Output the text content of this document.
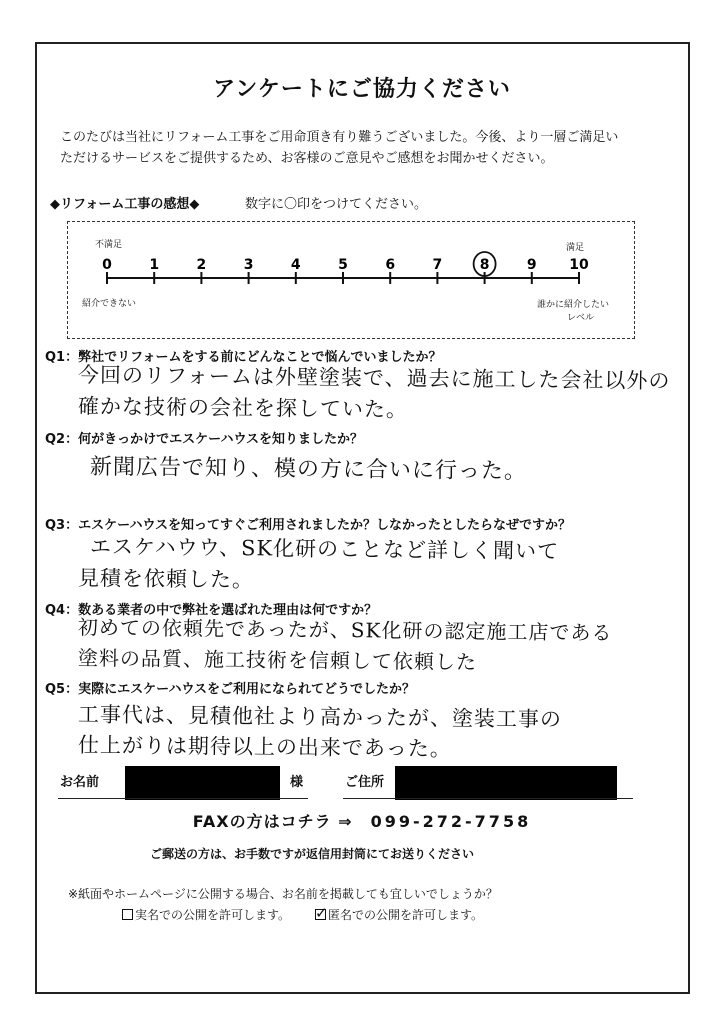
アンケートにご協力ください
このたびは当社にリフォーム工事をご用命頂き有り難うございました。今後、より一層ご満足い
ただけるサービスをご提供するため、お客様のご意見やご感想をお聞かせください。
◆リフォーム工事の感想◆	数字に〇印をつけてください。
0	1	2	3	4	5	6	7	8	9 10
不満足	満足
紹介できない	誰かに紹介したい
レベル
Q1：弊社でリフォームをする前にどんなことで悩んでいましたか？
今回のリフォームは外壁塗装で、過去に施工した会社以外の
確かな技術の会社を探していた。
Q2：何がきっかけでエスケーハウスを知りましたか？
新聞広告で知り、模の方に合いに行った。
Q3：エスケーハウスを知ってすぐご利用されましたか？しなかったとしたらなぜですか？
エスケハウウ、SK化研のことなど詳しく聞いて
見積を依頼した。
Q4：数ある業者の中で弊社を選ばれた理由は何ですか？
初めての依頼先であったが、SK化研の認定施工店である
塗料の品質、施工技術を信頼して依頼した
Q5：実際にエスケーハウスをご利用になられてどうでしたか？
工事代は、見積他社より高かったが、塗装工事の
仕上がりは期待以上の出来であった。
お名前	様	ご住所
FAXの方はコチラ ⇒ 099-272-7758
ご郵送の方は、お手数ですが返信用封筒にてお送りください
※紙面やホームページに公開する場合、お名前を掲載しても宜しいでしょうか？
実名での公開を許可します。 ✓ 匿名での公開を許可します。
